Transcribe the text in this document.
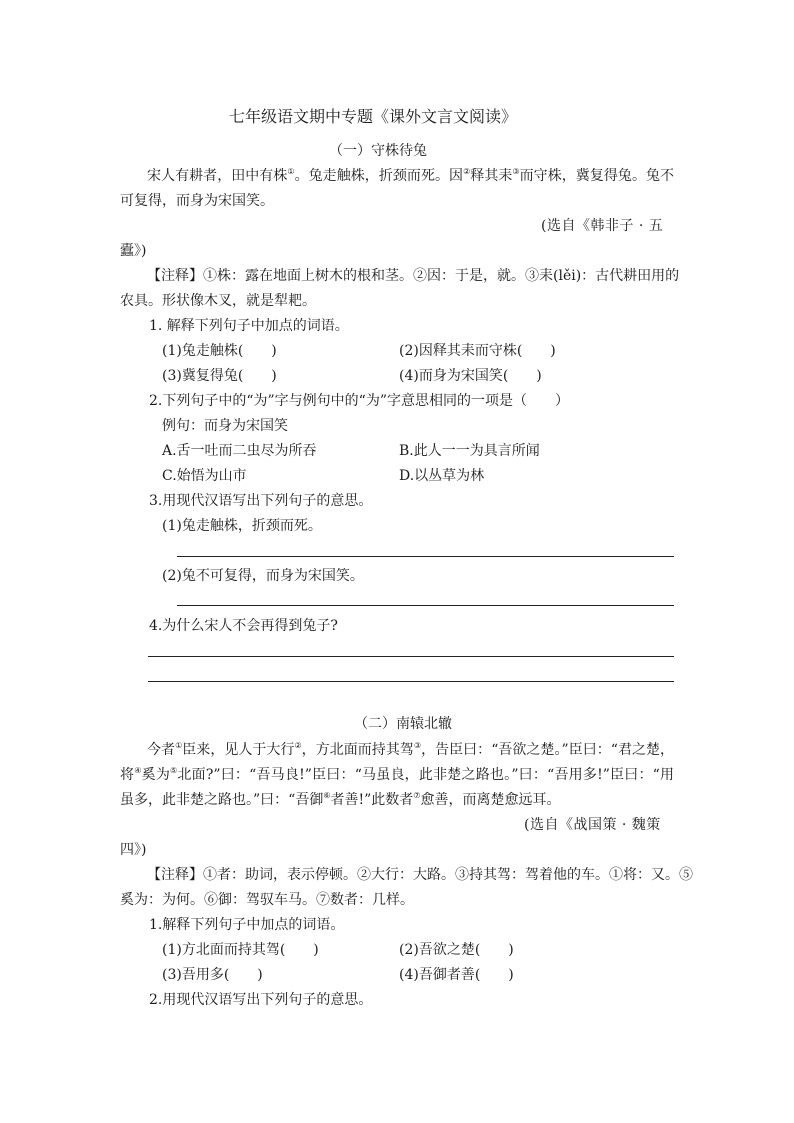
七年级语文期中专题《课外文言文阅读》
（一）守株待兔
宋人有耕者，田中有株①。兔走触株，折颈而死。因②释其耒③而守株，冀复得兔。兔不
可复得，而身为宋国笑。
(选自《韩非子 · 五
蠹》)
【注释】①株：露在地面上树木的根和茎。②因：于是，就。③耒(lěi)：古代耕田用的
农具。形状像木叉，就是犁耙。
1. 解释下列句子中加点的词语。
(1)兔走触株(　　)	(2)因释其耒而守株(　　)
(3)冀复得兔(　　)	(4)而身为宋国笑(　　)
2.下列句子中的“为”字与例句中的“为”字意思相同的一项是（　　）
例句：而身为宋国笑
A.舌一吐而二虫尽为所吞	B.此人一一为具言所闻
C.始悟为山市	D.以丛草为林
3.用现代汉语写出下列句子的意思。
(1)兔走触株，折颈而死。
(2)兔不可复得，而身为宋国笑。
4.为什么宋人不会再得到兔子?
（二）南辕北辙
今者①臣来，见人于大行②，方北面而持其驾③，告臣曰：“吾欲之楚。”臣曰：“君之楚，
将④奚为⑤北面?”曰：“吾马良!”臣曰：“马虽良，此非楚之路也。”曰：“吾用多!”臣曰：“用
虽多，此非楚之路也。”曰：“吾御⑥者善!”此数者⑦愈善，而离楚愈远耳。
(选自《战国策 · 魏策
四》)
【注释】①者：助词，表示停顿。②大行：大路。③持其驾：驾着他的车。①将：又。⑤
奚为：为何。⑥御：驾驭车马。⑦数者：几样。
1.解释下列句子中加点的词语。
(1)方北面而持其驾(　　)	(2)吾欲之楚(　　)
(3)吾用多(　　)	(4)吾御者善(　　)
2.用现代汉语写出下列句子的意思。
